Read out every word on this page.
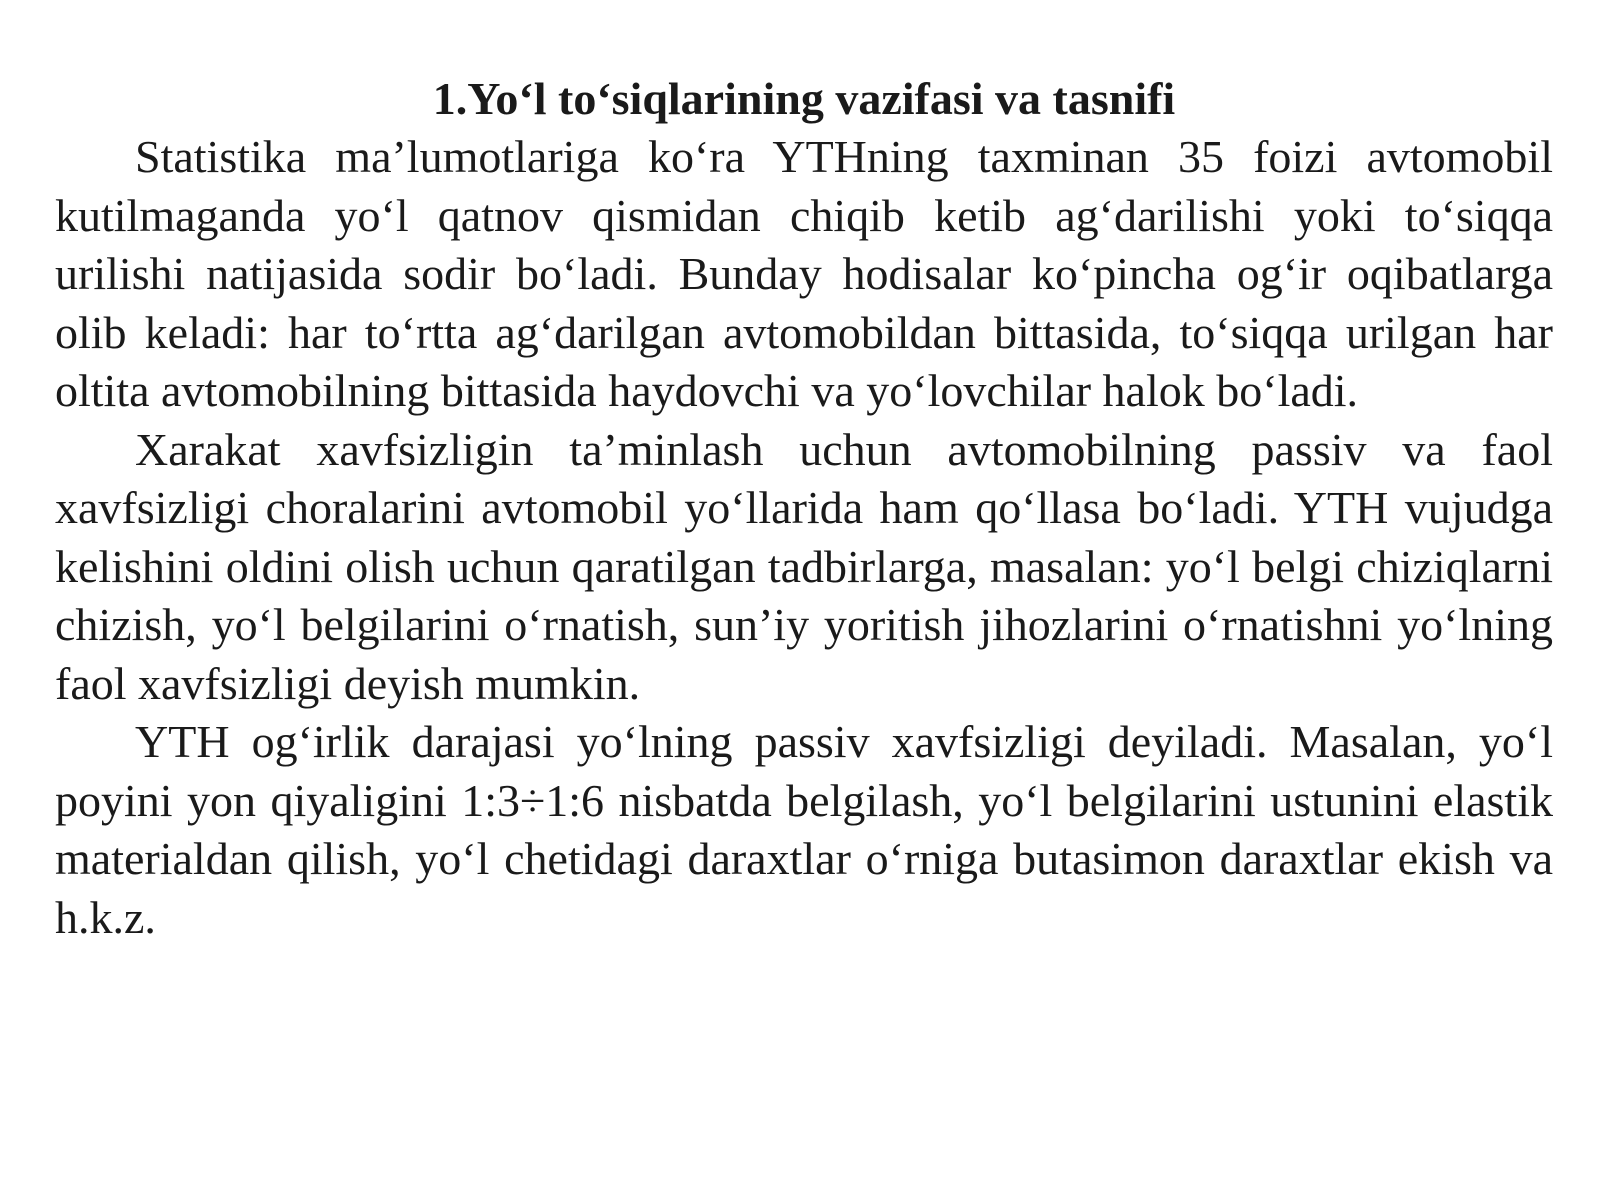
1.Yo‘l to‘siqlarining vazifasi va tasnifi

Statistika ma’lumotlariga ko‘ra YTHning taxminan 35 foizi avtomobil kutilmaganda yo‘l qatnov qismidan chiqib ketib ag‘darilishi yoki to‘siqqa urilishi natijasida sodir bo‘ladi. Bunday hodisalar ko‘pincha og‘ir oqibatlarga olib keladi: har to‘rtta ag‘darilgan avtomobildan bittasida, to‘siqqa urilgan har oltita avtomobilning bittasida haydovchi va yo‘lovchilar halok bo‘ladi.

Xarakat xavfsizligin ta’minlash uchun avtomobilning passiv va faol xavfsizligi choralarini avtomobil yo‘llarida ham qo‘llasa bo‘ladi. YTH vujudga kelishini oldini olish uchun qaratilgan tadbirlarga, masalan: yo‘l belgi chiziqlarni chizish, yo‘l belgilarini o‘rnatish, sun’iy yoritish jihozlarini o‘rnatishni yo‘lning faol xavfsizligi deyish mumkin.

YTH og‘irlik darajasi yo‘lning passiv xavfsizligi deyiladi. Masalan, yo‘l poyini yon qiyaligini 1:3÷1:6 nisbatda belgilash, yo‘l belgilarini ustunini elastik materialdan qilish, yo‘l chetidagi daraxtlar o‘rniga butasimon daraxtlar ekish va h.k.z.
